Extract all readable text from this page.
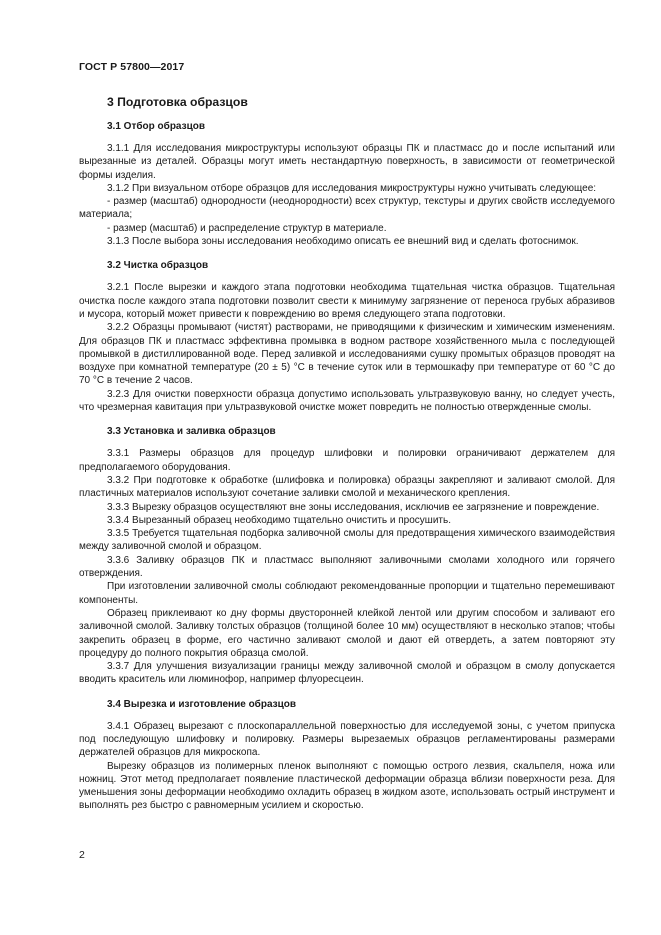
ГОСТ Р 57800—2017
3 Подготовка образцов
3.1 Отбор образцов

3.1.1 Для исследования микроструктуры используют образцы ПК и пластмасс до и после испытаний или вырезанные из деталей. Образцы могут иметь нестандартную поверхность, в зависимости от геометрической формы изделия.

3.1.2 При визуальном отборе образцов для исследования микроструктуры нужно учитывать следующее:

- размер (масштаб) однородности (неоднородности) всех структур, текстуры и других свойств исследуемого материала;

- размер (масштаб) и распределение структур в материале.

3.1.3 После выбора зоны исследования необходимо описать ее внешний вид и сделать фотоснимок.

3.2 Чистка образцов

3.2.1 После вырезки и каждого этапа подготовки необходима тщательная чистка образцов. Тщательная очистка после каждого этапа подготовки позволит свести к минимуму загрязнение от переноса грубых абразивов и мусора, который может привести к повреждению во время следующего этапа подготовки.

3.2.2 Образцы промывают (чистят) растворами, не приводящими к физическим и химическим изменениям. Для образцов ПК и пластмасс эффективна промывка в водном растворе хозяйственного мыла с последующей промывкой в дистиллированной воде. Перед заливкой и исследованиями сушку промытых образцов проводят на воздухе при комнатной температуре (20 ± 5) °С в течение суток или в термошкафу при температуре от 60 °С до 70 °С в течение 2 часов.

3.2.3 Для очистки поверхности образца допустимо использовать ультразвуковую ванну, но следует учесть, что чрезмерная кавитация при ультразвуковой очистке может повредить не полностью отвержденные смолы.

3.3 Установка и заливка образцов

3.3.1 Размеры образцов для процедур шлифовки и полировки ограничивают держателем для предполагаемого оборудования.

3.3.2 При подготовке к обработке (шлифовка и полировка) образцы закрепляют и заливают смолой. Для пластичных материалов используют сочетание заливки смолой и механического крепления.

3.3.3 Вырезку образцов осуществляют вне зоны исследования, исключив ее загрязнение и повреждение.

3.3.4 Вырезанный образец необходимо тщательно очистить и просушить.

3.3.5 Требуется тщательная подборка заливочной смолы для предотвращения химического взаимодействия между заливочной смолой и образцом.

3.3.6 Заливку образцов ПК и пластмасс выполняют заливочными смолами холодного или горячего отверждения.

При изготовлении заливочной смолы соблюдают рекомендованные пропорции и тщательно перемешивают компоненты.

Образец приклеивают ко дну формы двусторонней клейкой лентой или другим способом и заливают его заливочной смолой. Заливку толстых образцов (толщиной более 10 мм) осуществляют в несколько этапов; чтобы закрепить образец в форме, его частично заливают смолой и дают ей отвердеть, а затем повторяют эту процедуру до полного покрытия образца смолой.

3.3.7 Для улучшения визуализации границы между заливочной смолой и образцом в смолу допускается вводить краситель или люминофор, например флуоресцеин.

3.4 Вырезка и изготовление образцов

3.4.1 Образец вырезают с плоскопараллельной поверхностью для исследуемой зоны, с учетом припуска под последующую шлифовку и полировку. Размеры вырезаемых образцов регламентированы размерами держателей образцов для микроскопа.

Вырезку образцов из полимерных пленок выполняют с помощью острого лезвия, скальпеля, ножа или ножниц. Этот метод предполагает появление пластической деформации образца вблизи поверхности реза. Для уменьшения зоны деформации необходимо охладить образец в жидком азоте, использовать острый инструмент и выполнять рез быстро с равномерным усилием и скоростью.

2
